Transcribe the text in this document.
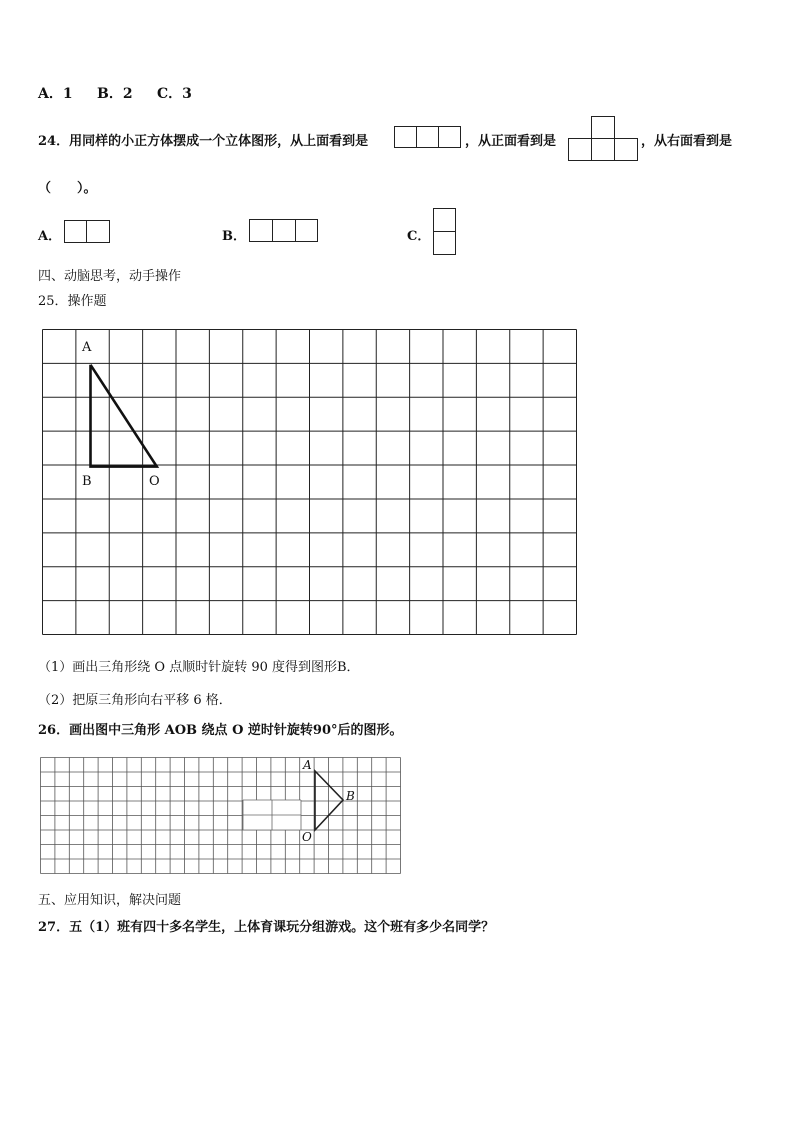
A．1 B．2 C．3
24．用同样的小正方体摆成一个立体图形，从上面看到是	，从正面看到是	，从右面看到是
（　　）。
A．	B．	C．
四、动脑思考，动手操作
25．操作题
A
B	O
（1）画出三角形绕 O 点顺时针旋转 90 度得到图形B．
（2）把原三角形向右平移 6 格．
26．画出图中三角形 AOB 绕点 O 逆时针旋转90°后的图形。
A
B
O
五、应用知识，解决问题
27．五（1）班有四十多名学生，上体育课玩分组游戏。这个班有多少名同学？
